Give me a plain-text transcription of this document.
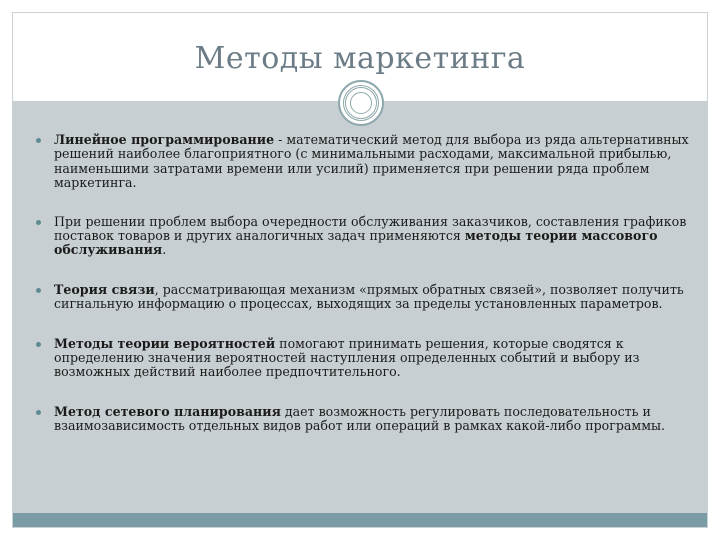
Методы маркетинга
Линейное программирование - математический метод для выбора из ряда альтернативных решений наиболее благоприятного (с минимальными расходами, максимальной прибылью, наименьшими затратами времени или усилий) применяется при решении ряда проблем маркетинга.
При решении проблем выбора очередности обслуживания заказчиков, составления графиков поставок товаров и других аналогичных задач применяются методы теории массового обслуживания.
Теория связи, рассматривающая механизм «прямых обратных связей», позволяет получить сигнальную информацию о процессах, выходящих за пределы установленных параметров.
Методы теории вероятностей помогают принимать решения, которые сводятся к определению значения вероятностей наступления определенных событий и выбору из возможных действий наиболее предпочтительного.
Метод сетевого планирования дает возможность регулировать последовательность и взаимозависимость отдельных видов работ или операций в рамках какой-либо программы.
